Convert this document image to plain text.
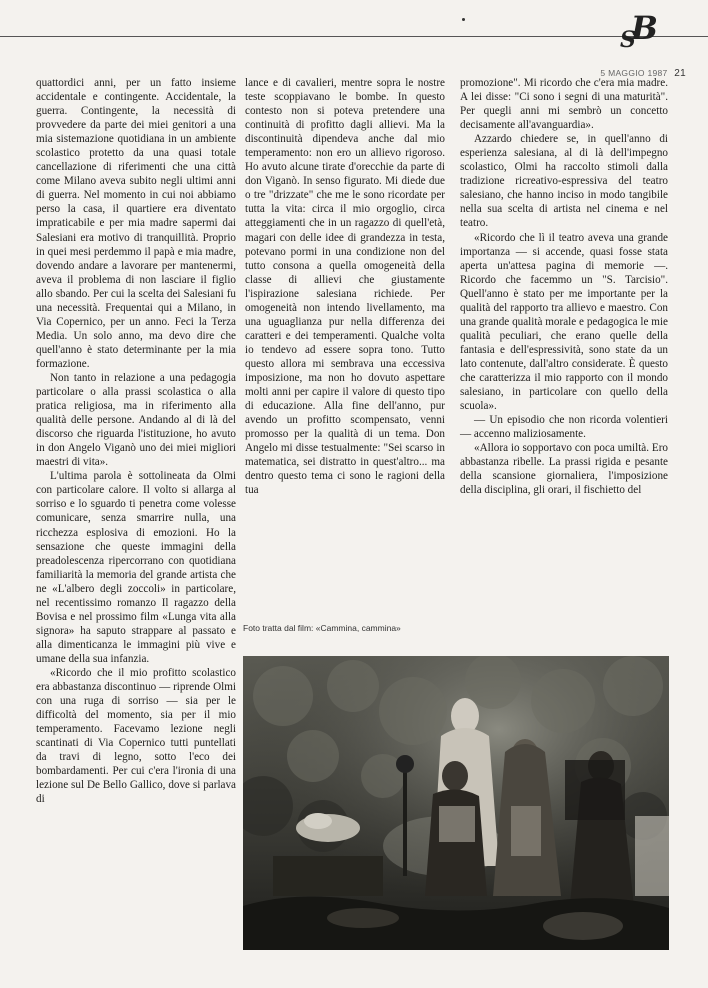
$_S$B
5 MAGGIO 1987 21

quattordici anni, per un fatto insieme accidentale e contingente. Accidentale, la guerra. Contingente, la necessità di provvedere da parte dei miei genitori a una mia sistemazione quotidiana in un ambiente scolastico protetto da una quasi totale cancellazione di riferimenti che una città come Milano aveva subito negli ultimi anni di guerra. Nel momento in cui noi abbiamo perso la casa, il quartiere era diventato impraticabile e per mia madre sapermi dai Salesiani era motivo di tranquillità. Proprio in quei mesi perdemmo il papà e mia madre, dovendo andare a lavorare per mantenermi, aveva il problema di non lasciare il figlio allo sbando. Per cui la scelta dei Salesiani fu una necessità. Frequentai qui a Milano, in Via Copernico, per un anno. Feci la Terza Media. Un solo anno, ma devo dire che quell'anno è stato determinante per la mia formazione.

Non tanto in relazione a una pedagogia particolare o alla prassi scolastica o alla pratica religiosa, ma in riferimento alla qualità delle persone. Andando al di là del discorso che riguarda l'istituzione, ho avuto in don Angelo Viganò uno dei miei migliori maestri di vita».

L'ultima parola è sottolineata da Olmi con particolare calore. Il volto si allarga al sorriso e lo sguardo ti penetra come volesse comunicare, senza smarrire nulla, una ricchezza esplosiva di emozioni. Ho la sensazione che queste immagini della preadolescenza ripercorrano con quotidiana familiarità la memoria del grande artista che ne «L'albero degli zoccoli» in particolare, nel recentissimo romanzo Il ragazzo della Bovisa e nel prossimo film «Lunga vita alla signora» ha saputo strappare al passato e alla dimenticanza le immagini più vive e umane della sua infanzia.

«Ricordo che il mio profitto scolastico era abbastanza discontinuo — riprende Olmi con una ruga di sorriso — sia per le difficoltà del momento, sia per il mio temperamento. Facevamo lezione negli scantinati di Via Copernico tutti puntellati da travi di legno, sotto l'eco dei bombardamenti. Per cui c'era l'ironia di una lezione sul De Bello Gallico, dove si parlava di

lance e di cavalieri, mentre sopra le nostre teste scoppiavano le bombe. In questo contesto non si poteva pretendere una continuità di profitto dagli allievi. Ma la discontinuità dipendeva anche dal mio temperamento: non ero un allievo rigoroso. Ho avuto alcune tirate d'orecchie da parte di don Viganò. In senso figurato. Mi diede due o tre "drizzate" che me le sono ricordate per tutta la vita: circa il mio orgoglio, circa atteggiamenti che in un ragazzo di quell'età, magari con delle idee di grandezza in testa, potevano pormi in una condizione non del tutto consona a quella omogeneità della classe di allievi che giustamente l'ispirazione salesiana richiede. Per omogeneità non intendo livellamento, ma una uguaglianza pur nella differenza dei caratteri e dei temperamenti. Qualche volta io tendevo ad essere sopra tono. Tutto questo allora mi sembrava una eccessiva imposizione, ma non ho dovuto aspettare molti anni per capire il valore di questo tipo di educazione. Alla fine dell'anno, pur avendo un profitto scompensato, venni promosso per la qualità di un tema. Don Angelo mi disse testualmente: "Sei scarso in matematica, sei distratto in quest'altro... ma dentro questo tema ci sono le ragioni della tua

promozione". Mi ricordo che c'era mia madre. A lei disse: "Ci sono i segni di una maturità". Per quegli anni mi sembrò un concetto decisamente all'avanguardia».

Azzardo chiedere se, in quell'anno di esperienza salesiana, al di là dell'impegno scolastico, Olmi ha raccolto stimoli dalla tradizione ricreativo-espressiva del teatro salesiano, che hanno inciso in modo tangibile nella sua scelta di artista nel cinema e nel teatro.

«Ricordo che lì il teatro aveva una grande importanza — si accende, quasi fosse stata aperta un'attesa pagina di memorie —. Ricordo che facemmo un "S. Tarcisio". Quell'anno è stato per me importante per la qualità del rapporto tra allievo e maestro. Con una grande qualità morale e pedagogica le mie qualità peculiari, che erano quelle della fantasia e dell'espressività, sono state da un lato contenute, dall'altro considerate. È questo che caratterizza il mio rapporto con il mondo salesiano, in particolare con quello della scuola».

— Un episodio che non ricorda volentieri — accenno maliziosamente.

«Allora io sopportavo con poca umiltà. Ero abbastanza ribelle. La prassi rigida e pesante della scansione giornaliera, l'imposizione della disciplina, gli orari, il fischietto del

Foto tratta dal film: «Cammina, cammina»
